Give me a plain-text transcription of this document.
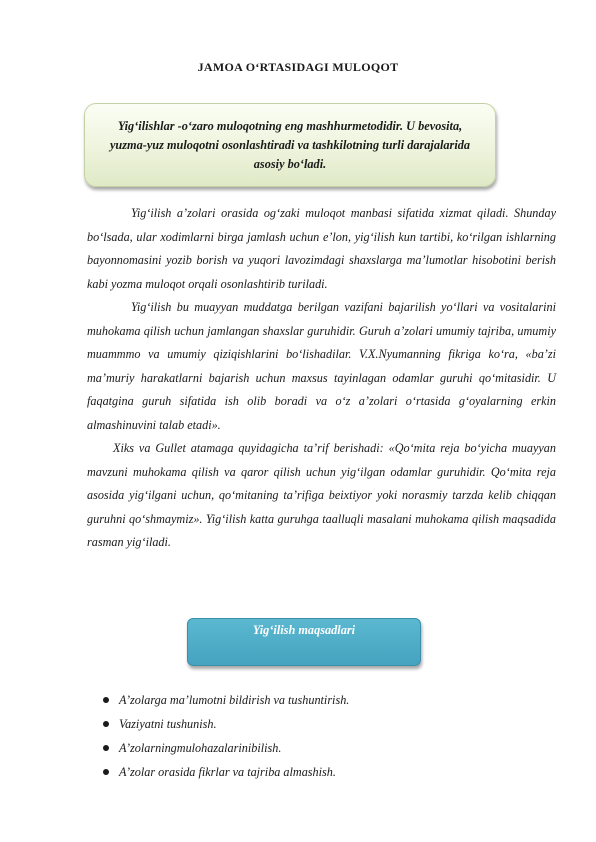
JAMOA O‘RTASIDAGI MULOQOT
Yig‘ilishlar -o‘zaro muloqotning eng mashhurmetodidir. U bevosita, yuzma-yuz muloqotni osonlashtiradi va tashkilotning turli darajalarida asosiy bo‘ladi.

Yig‘ilish a’zolari orasida og‘zaki muloqot manbasi sifatida xizmat qiladi. Shunday bo‘lsada, ular xodimlarni birga jamlash uchun e’lon, yig‘ilish kun tartibi, ko‘rilgan ishlarning bayonnomasini yozib borish va yuqori lavozimdagi shaxslarga ma’lumotlar hisobotini berish kabi yozma muloqot orqali osonlashtirib turiladi.

Yig‘ilish bu muayyan muddatga berilgan vazifani bajarilish yo‘llari va vositalarini muhokama qilish uchun jamlangan shaxslar guruhidir. Guruh a’zolari umumiy tajriba, umumiy muammmo va umumiy qiziqishlarini bo‘lishadilar. V.X.Nyumanning fikriga ko‘ra, «ba’zi ma’muriy harakatlarni bajarish uchun maxsus tayinlagan odamlar guruhi qo‘mitasidir. U faqatgina guruh sifatida ish olib boradi va o‘z a’zolari o‘rtasida g‘oyalarning erkin almashinuvini talab etadi».

Xiks va Gullet atamaga quyidagicha ta’rif berishadi: «Qo‘mita reja bo‘yicha muayyan mavzuni muhokama qilish va qaror qilish uchun yig‘ilgan odamlar guruhidir. Qo‘mita reja asosida yig‘ilgani uchun, qo‘mitaning ta’rifiga beixtiyor yoki norasmiy tarzda kelib chiqqan guruhni qo‘shmaymiz». Yig‘ilish katta guruhga taalluqli masalani muhokama qilish maqsadida rasman yig‘iladi.

Yig‘ilish maqsadlari
A’zolarga ma’lumotni bildirish va tushuntirish.
Vaziyatni tushunish.
A’zolarningmulohazalarinibilish.
A’zolar orasida fikrlar va tajriba almashish.
